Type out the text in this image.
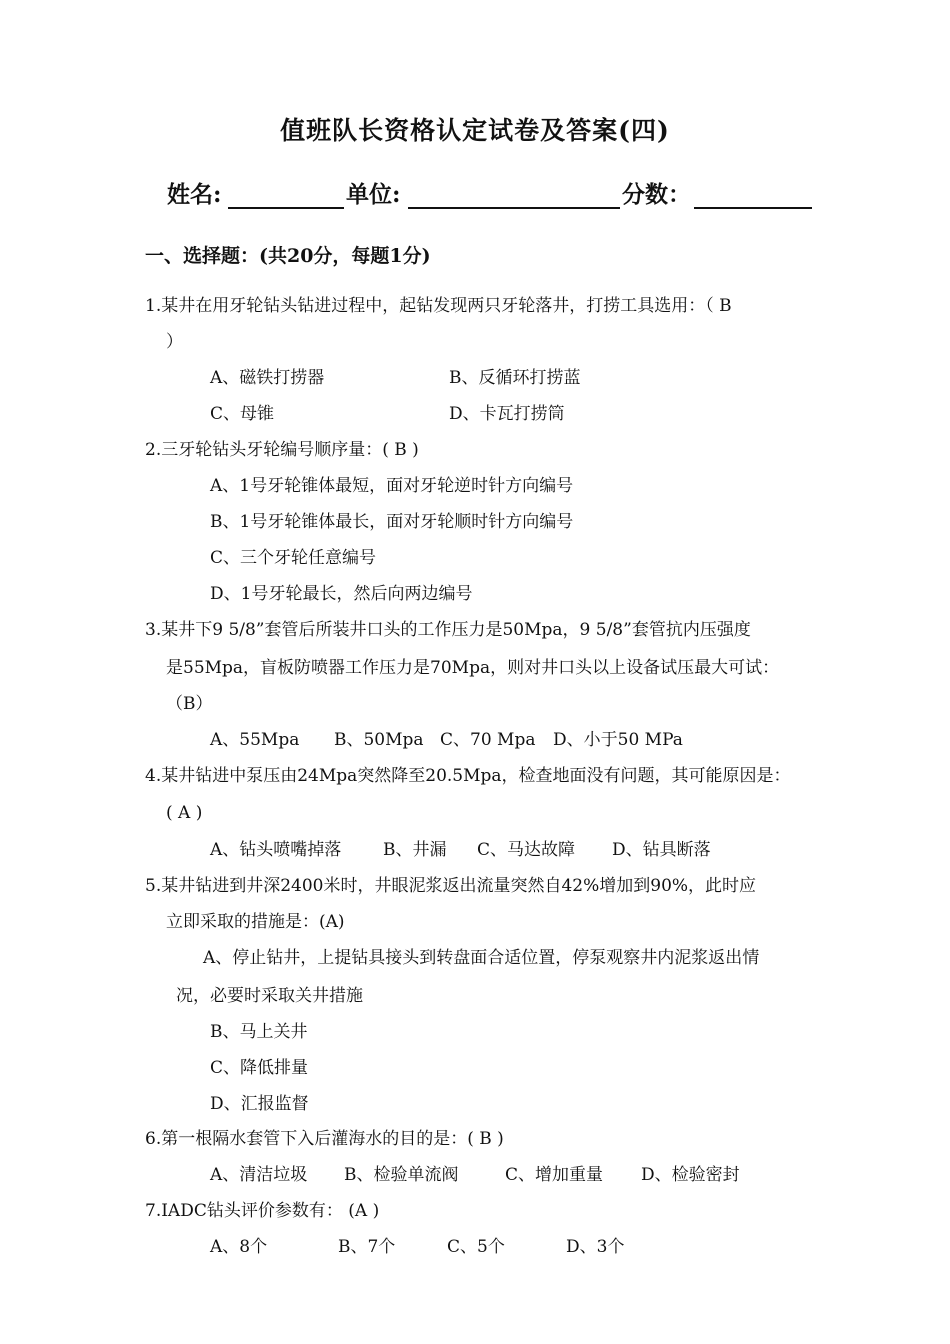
值班队长资格认定试卷及答案(四)
姓名:	单位:	分数：
一、选择题：(共20分，每题1分)
1.某井在用牙轮钻头钻进过程中，起钻发现两只牙轮落井，打捞工具选用：（ B
）
A、磁铁打捞器	B、反循环打捞蓝
C、母锥	D、卡瓦打捞筒
2.三牙轮钻头牙轮编号顺序量：( B )
A、1号牙轮锥体最短，面对牙轮逆时针方向编号
B、1号牙轮锥体最长，面对牙轮顺时针方向编号
C、三个牙轮任意编号
D、1号牙轮最长，然后向两边编号
3.某井下9 5/8”套管后所装井口头的工作压力是50Mpa，9 5/8”套管抗内压强度
是55Mpa，盲板防喷器工作压力是70Mpa，则对井口头以上设备试压最大可试：
（B）
A、55Mpa B、50Mpa C、70 Mpa D、小于50 MPa
4.某井钻进中泵压由24Mpa突然降至20.5Mpa，检查地面没有问题，其可能原因是：
( A )
A、钻头喷嘴掉落 B、井漏 C、马达故障 D、钻具断落
5.某井钻进到井深2400米时，井眼泥浆返出流量突然自42%增加到90%，此时应
立即采取的措施是：(A)
A、停止钻井，上提钻具接头到转盘面合适位置，停泵观察井内泥浆返出情
况，必要时采取关井措施
B、马上关井
C、降低排量
D、汇报监督
6.第一根隔水套管下入后灌海水的目的是：( B )
A、清洁垃圾 B、检验单流阀	C、增加重量 D、检验密封
7.IADC钻头评价参数有： (A )
A、8个	B、7个	C、5个	D、3个
